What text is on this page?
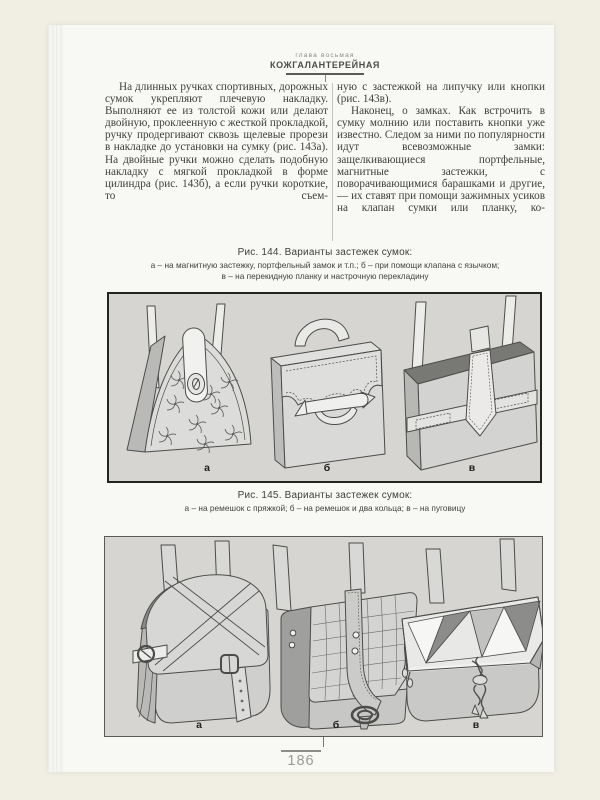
глава восьмая
КОЖГАЛАНТЕРЕЙНАЯ

На длинных ручках спортивных, дорожных сумок укрепляют плечевую накладку. Выполняют ее из толстой кожи или делают двойную, проклеенную с жесткой прокладкой, ручку продергивают сквозь щелевые прорези в накладке до установки на сумку (рис. 143а). На двойные ручки можно сделать подобную накладку с мягкой прокладкой в форме цилиндра (рис. 143б), а если ручки короткие, то съем-

ную с застежкой на липучку или кнопки (рис. 143в).

Наконец, о замках. Как встрочить в сумку молнию или поставить кнопки уже известно. Следом за ними по популярности идут всевозможные замки: защелкивающиеся портфельные, магнитные застежки, с поворачивающимися барашками и другие, — их ставят при помощи зажимных усиков на клапан сумки или планку, ко-

Рис. 144. Варианты застежек сумок:
а – на магнитную застежку, портфельный замок и т.п.; б – при помощи клапана с язычком;
в – на перекидную планку и настрочную перекладину
а	б	в
Рис. 145. Варианты застежек сумок:
а – на ремешок с пряжкой; б – на ремешок и два кольца; в – на пуговицу
а	б	в
186
